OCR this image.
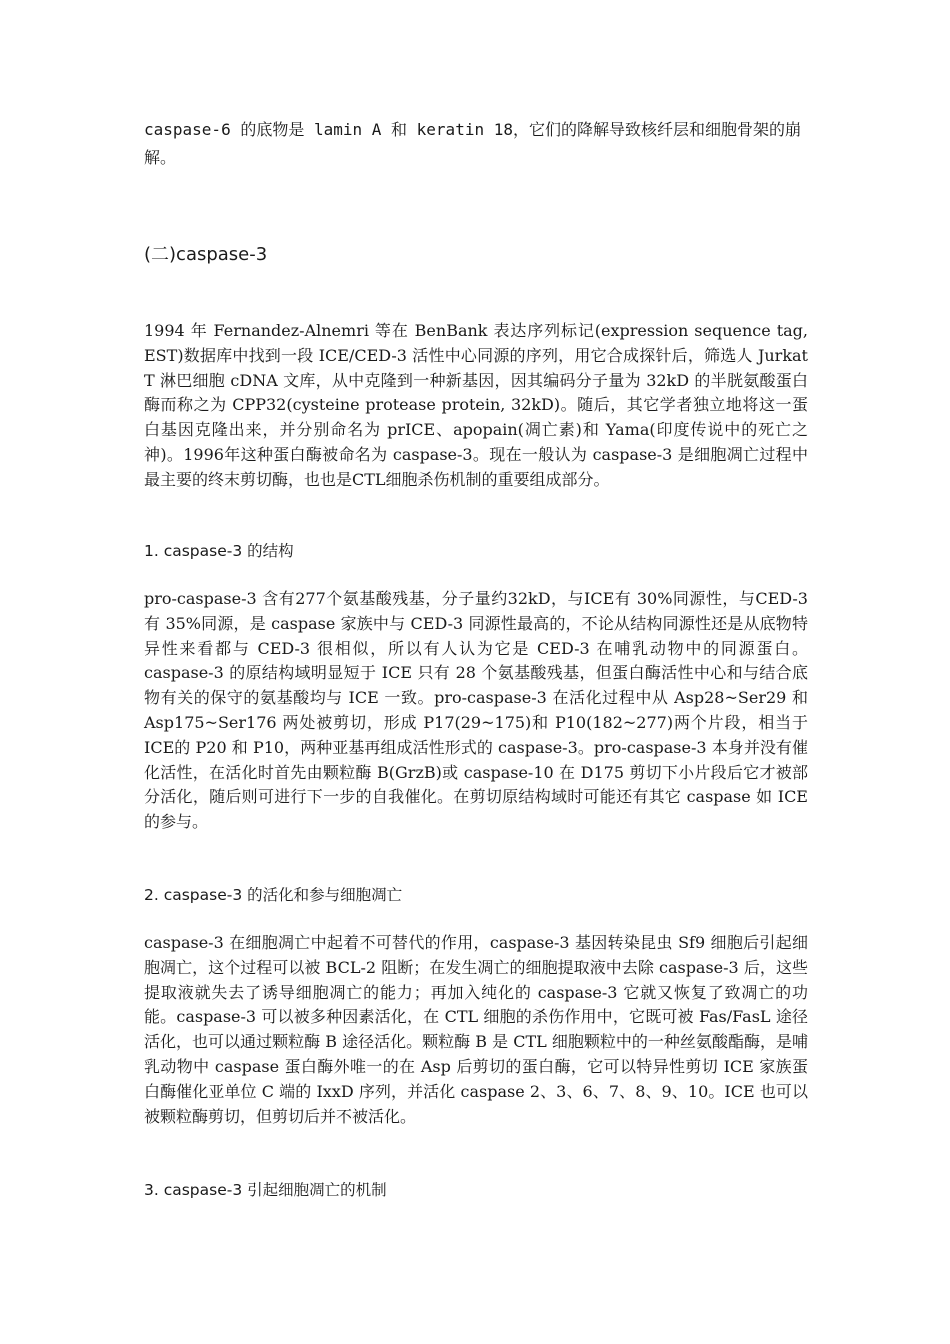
caspase-6 的底物是 lamin A 和 keratin 18，它们的降解导致核纤层和细胞骨架的崩解。

(二)caspase-3

1994 年 Fernandez-Alnemri 等在 BenBank 表达序列标记(expression sequence tag, EST)数据库中找到一段 ICE/CED-3 活性中心同源的序列，用它合成探针后，筛选人 Jurkat T 淋巴细胞 cDNA 文库，从中克隆到一种新基因，因其编码分子量为 32kD 的半胱氨酸蛋白酶而称之为 CPP32(cysteine protease protein, 32kD)。随后，其它学者独立地将这一蛋白基因克隆出来，并分别命名为 prICE、apopain(凋亡素)和 Yama(印度传说中的死亡之神)。1996年这种蛋白酶被命名为 caspase-3。现在一般认为 caspase-3 是细胞凋亡过程中最主要的终末剪切酶，也也是CTL细胞杀伤机制的重要组成部分。

1. caspase-3 的结构

pro-caspase-3 含有277个氨基酸残基，分子量约32kD，与ICE有 30%同源性，与CED-3有 35%同源，是 caspase 家族中与 CED-3 同源性最高的，不论从结构同源性还是从底物特异性来看都与 CED-3 很相似，所以有人认为它是 CED-3 在哺乳动物中的同源蛋白。caspase-3 的原结构域明显短于 ICE 只有 28 个氨基酸残基，但蛋白酶活性中心和与结合底物有关的保守的氨基酸均与 ICE 一致。pro-caspase-3 在活化过程中从 Asp28~Ser29 和 Asp175~Ser176 两处被剪切，形成 P17(29~175)和 P10(182~277)两个片段，相当于ICE的 P20 和 P10，两种亚基再组成活性形式的 caspase-3。pro-caspase-3 本身并没有催化活性，在活化时首先由颗粒酶 B(GrzB)或 caspase-10 在 D175 剪切下小片段后它才被部分活化，随后则可进行下一步的自我催化。在剪切原结构域时可能还有其它 caspase 如 ICE 的参与。

2. caspase-3 的活化和参与细胞凋亡

caspase-3 在细胞凋亡中起着不可替代的作用，caspase-3 基因转染昆虫 Sf9 细胞后引起细胞凋亡，这个过程可以被 BCL-2 阻断；在发生凋亡的细胞提取液中去除 caspase-3 后，这些提取液就失去了诱导细胞凋亡的能力；再加入纯化的 caspase-3 它就又恢复了致凋亡的功能。caspase-3 可以被多种因素活化，在 CTL 细胞的杀伤作用中，它既可被 Fas/FasL 途径活化，也可以通过颗粒酶 B 途径活化。颗粒酶 B 是 CTL 细胞颗粒中的一种丝氨酸酯酶，是哺乳动物中 caspase 蛋白酶外唯一的在 Asp 后剪切的蛋白酶，它可以特异性剪切 ICE 家族蛋白酶催化亚单位 C 端的 IxxD 序列，并活化 caspase 2、3、6、7、8、9、10。ICE 也可以被颗粒酶剪切，但剪切后并不被活化。

3. caspase-3 引起细胞凋亡的机制
